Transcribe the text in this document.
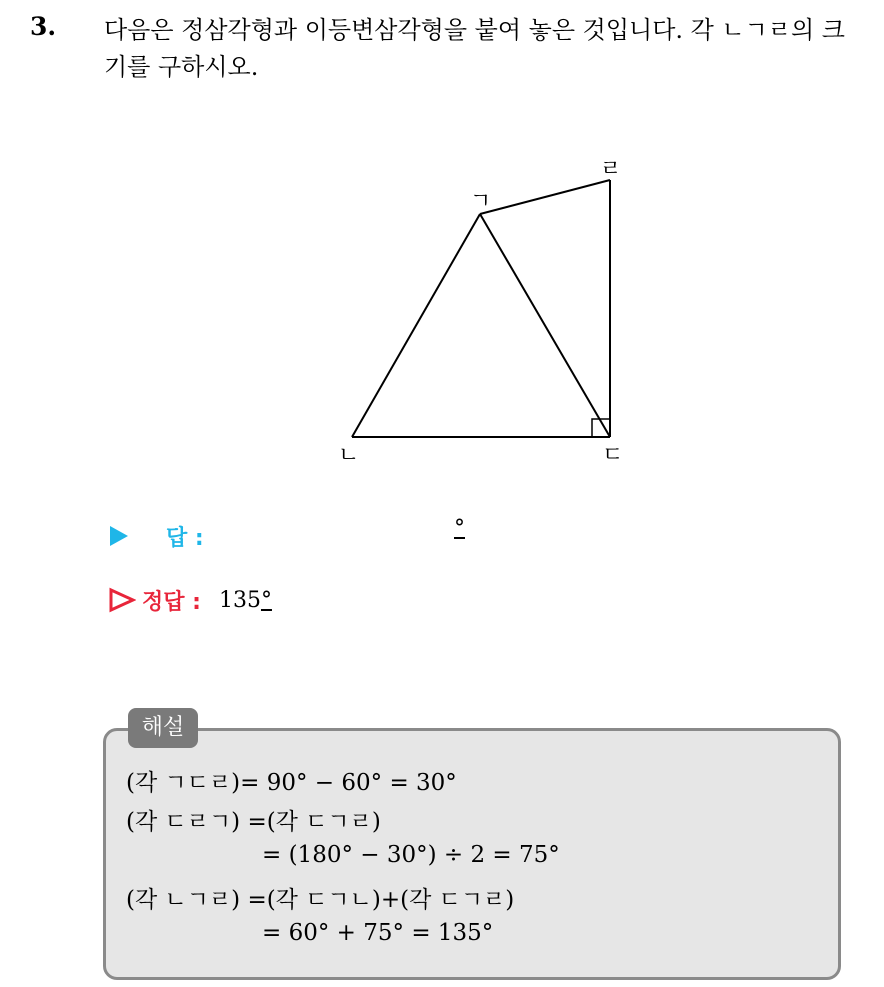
3. 다음은 정삼각형과 이등변삼각형을 붙여 놓은 것입니다. 각 ㄴㄱㄹ의 크기를 구하시오.
ㄱ
ㄴ	ㄷ
ㄹ
답 :	°
정답 : 135°
해설
(각 ㄱㄷㄹ)= 90° − 60° = 30°
(각 ㄷㄹㄱ) =(각 ㄷㄱㄹ)
= (180° − 30°) ÷ 2 = 75°
(각 ㄴㄱㄹ) =(각 ㄷㄱㄴ)+(각 ㄷㄱㄹ)
= 60° + 75° = 135°
